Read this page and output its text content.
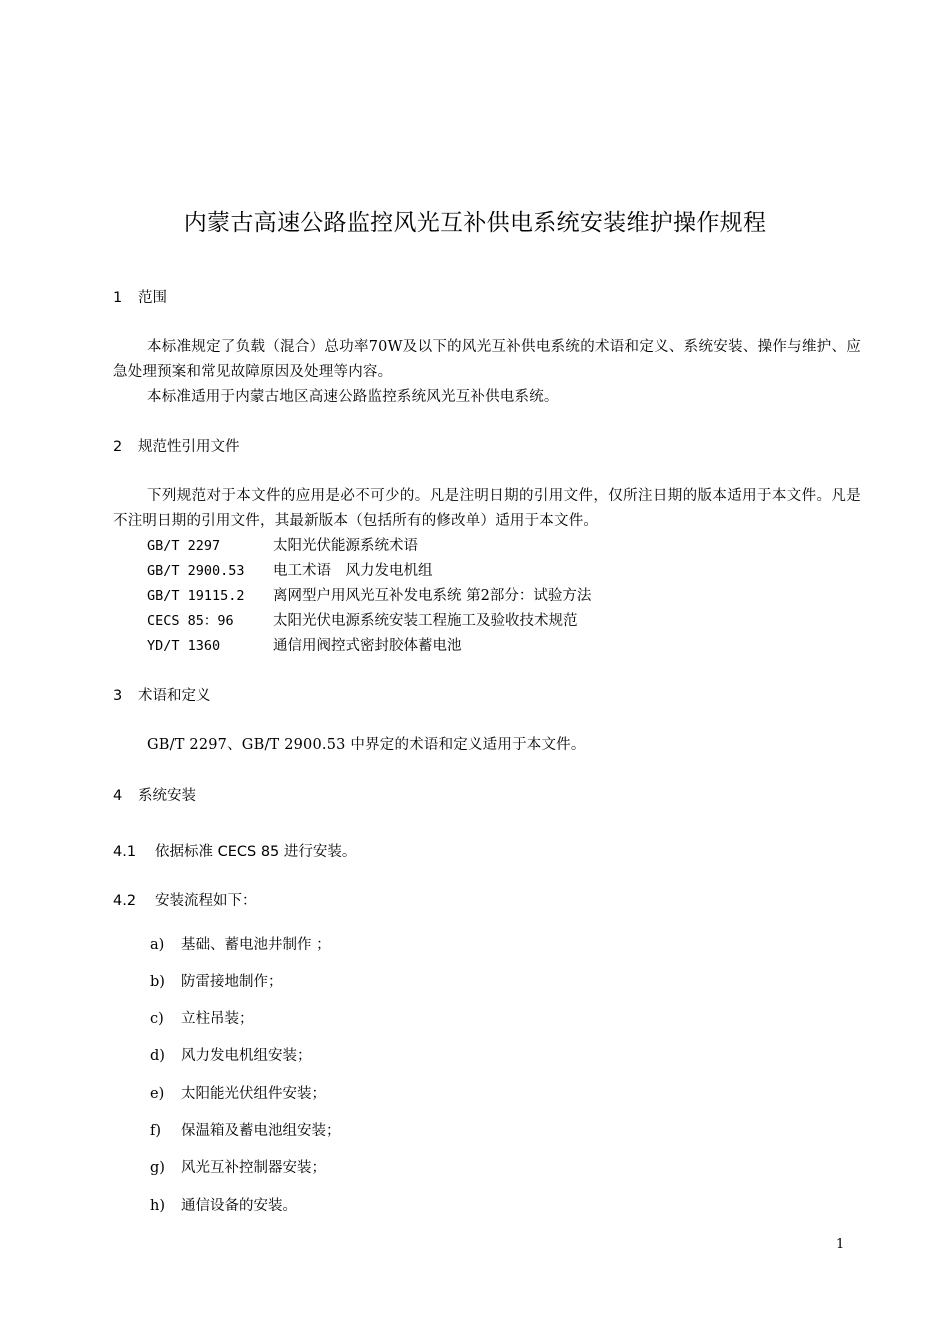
内蒙古高速公路监控风光互补供电系统安装维护操作规程
1 范围
本标准规定了负载（混合）总功率70W及以下的风光互补供电系统的术语和定义、系统安装、操作与维护、应急处理预案和常见故障原因及处理等内容。
本标准适用于内蒙古地区高速公路监控系统风光互补供电系统。
2 规范性引用文件
下列规范对于本文件的应用是必不可少的。凡是注明日期的引用文件，仅所注日期的版本适用于本文件。凡是不注明日期的引用文件，其最新版本（包括所有的修改单）适用于本文件。
GB/T 2297	太阳光伏能源系统术语
GB/T 2900.53 电工术语　风力发电机组
GB/T 19115.2 离网型户用风光互补发电系统 第2部分：试验方法
CECS 85：96	太阳光伏电源系统安装工程施工及验收技术规范
YD/T 1360	通信用阀控式密封胶体蓄电池
3 术语和定义
GB/T 2297、GB/T 2900.53 中界定的术语和定义适用于本文件。
4 系统安装
4.1 依据标准 CECS 85 进行安装。
4.2 安装流程如下：
a) 基础、蓄电池井制作 ；
b) 防雷接地制作；
c) 立柱吊装；
d) 风力发电机组安装；
e) 太阳能光伏组件安装；
f) 保温箱及蓄电池组安装；
g) 风光互补控制器安装；
h) 通信设备的安装。
1
